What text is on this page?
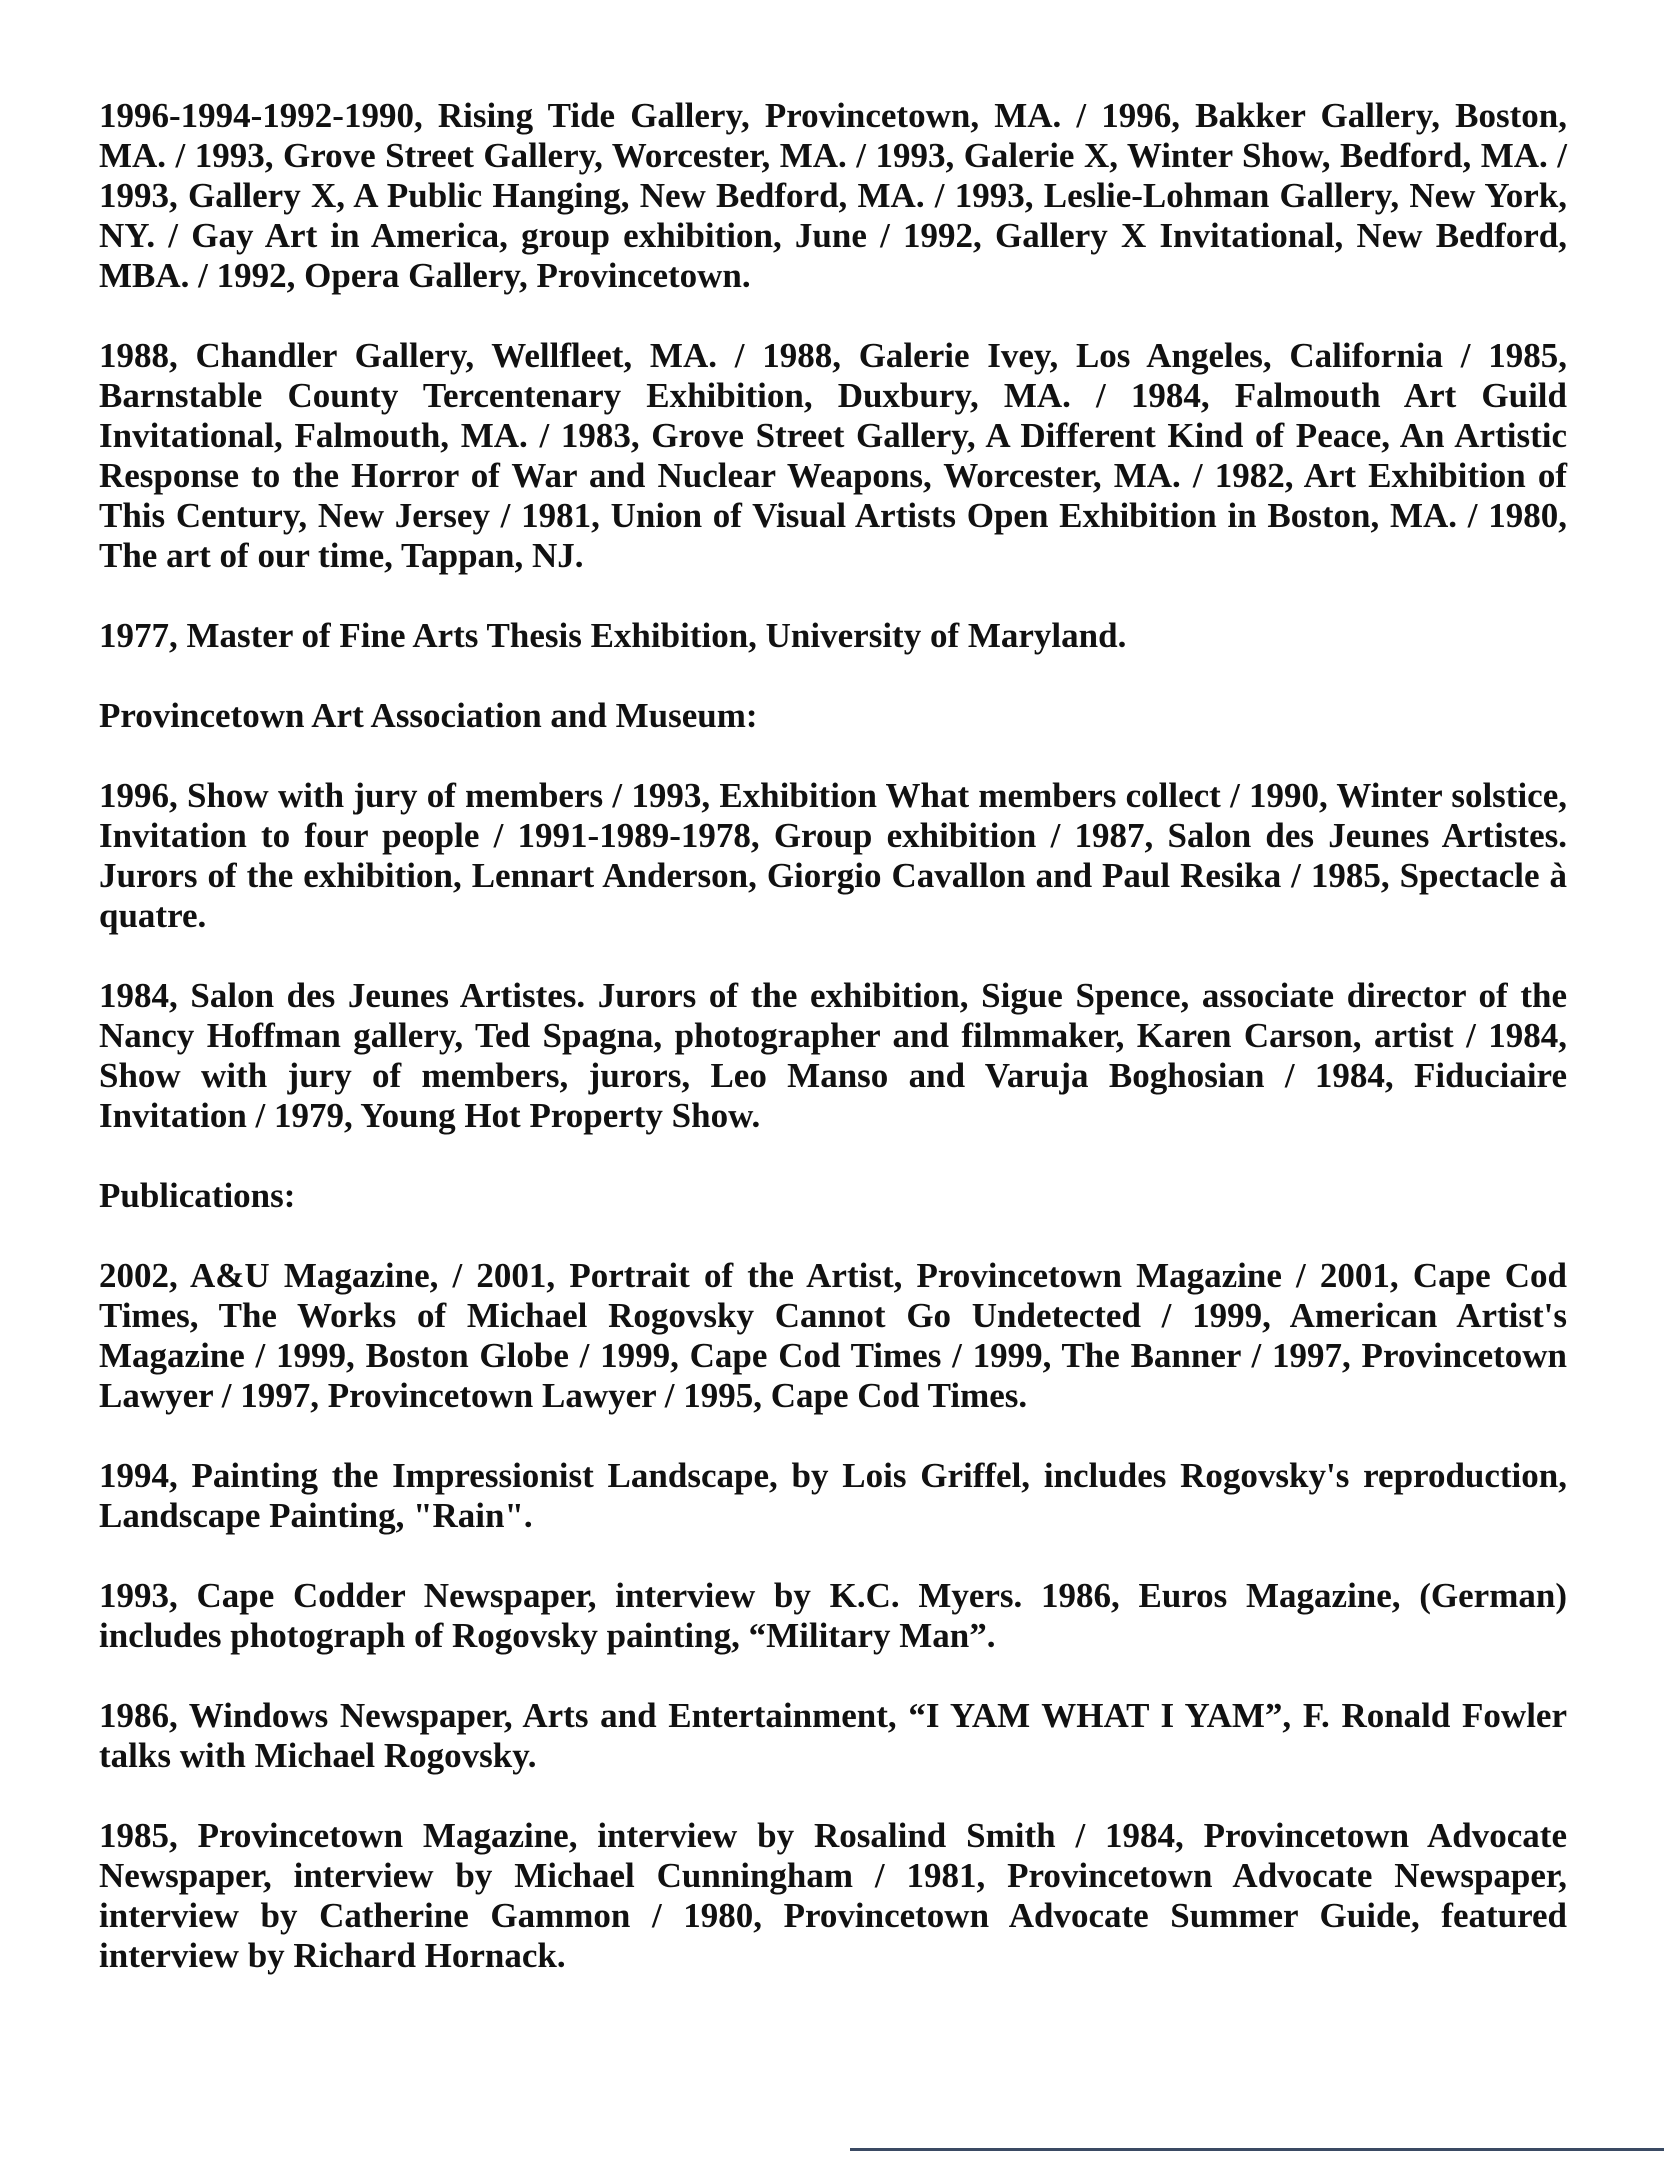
1996-1994-1992-1990, Rising Tide Gallery, Provincetown, MA. / 1996, Bakker Gallery, Boston, MA. / 1993, Grove Street Gallery, Worcester, MA. / 1993, Galerie X, Winter Show, Bedford, MA. / 1993, Gallery X, A Public Hanging, New Bedford, MA. / 1993, Leslie-Lohman Gallery, New York, NY. / Gay Art in America, group exhibition, June / 1992, Gallery X Invitational, New Bedford, MBA. / 1992, Opera Gallery, Provincetown.

1988, Chandler Gallery, Wellfleet, MA. / 1988, Galerie Ivey, Los Angeles, California / 1985, Barnstable County Tercentenary Exhibition, Duxbury, MA. / 1984, Falmouth Art Guild Invitational, Falmouth, MA. / 1983, Grove Street Gallery, A Different Kind of Peace, An Artistic Response to the Horror of War and Nuclear Weapons, Worcester, MA. / 1982, Art Exhibition of This Century, New Jersey / 1981, Union of Visual Artists Open Exhibition in Boston, MA. / 1980, The art of our time, Tappan, NJ.

1977, Master of Fine Arts Thesis Exhibition, University of Maryland.

Provincetown Art Association and Museum:

1996, Show with jury of members / 1993, Exhibition What members collect / 1990, Winter solstice, Invitation to four people / 1991-1989-1978, Group exhibition / 1987, Salon des Jeunes Artistes. Jurors of the exhibition, Lennart Anderson, Giorgio Cavallon and Paul Resika / 1985, Spectacle à quatre.

1984, Salon des Jeunes Artistes. Jurors of the exhibition, Sigue Spence, associate director of the Nancy Hoffman gallery, Ted Spagna, photographer and filmmaker, Karen Carson, artist / 1984, Show with jury of members, jurors, Leo Manso and Varuja Boghosian / 1984, Fiduciaire Invitation / 1979, Young Hot Property Show.

Publications:

2002, A&U Magazine, / 2001, Portrait of the Artist, Provincetown Magazine / 2001, Cape Cod Times, The Works of Michael Rogovsky Cannot Go Undetected / 1999, American Artist's Magazine / 1999, Boston Globe / 1999, Cape Cod Times / 1999, The Banner / 1997, Provincetown Lawyer / 1997, Provincetown Lawyer / 1995, Cape Cod Times.

1994, Painting the Impressionist Landscape, by Lois Griffel, includes Rogovsky's reproduction, Landscape Painting, "Rain".

1993, Cape Codder Newspaper, interview by K.C. Myers. 1986, Euros Magazine, (German) includes photograph of Rogovsky painting, “Military Man”.

1986, Windows Newspaper, Arts and Entertainment, “I YAM WHAT I YAM”, F. Ronald Fowler talks with Michael Rogovsky.

1985, Provincetown Magazine, interview by Rosalind Smith / 1984, Provincetown Advocate Newspaper, interview by Michael Cunningham / 1981, Provincetown Advocate Newspaper, interview by Catherine Gammon / 1980, Provincetown Advocate Summer Guide, featured interview by Richard Hornack.
